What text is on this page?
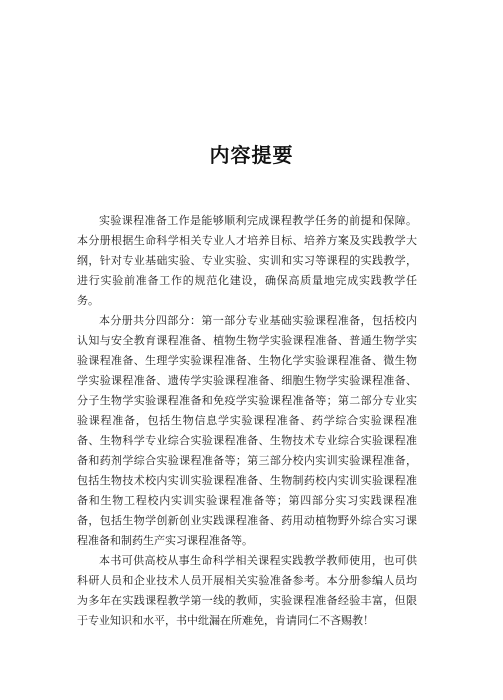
内容提要

实验课程准备工作是能够顺利完成课程教学任务的前提和保障。本分册根据生命科学相关专业人才培养目标、培养方案及实践教学大纲，针对专业基础实验、专业实验、实训和实习等课程的实践教学，进行实验前准备工作的规范化建设，确保高质量地完成实践教学任务。

本分册共分四部分：第一部分专业基础实验课程准备，包括校内认知与安全教育课程准备、植物生物学实验课程准备、普通生物学实验课程准备、生理学实验课程准备、生物化学实验课程准备、微生物学实验课程准备、遗传学实验课程准备、细胞生物学实验课程准备、分子生物学实验课程准备和免疫学实验课程准备等；第二部分专业实验课程准备，包括生物信息学实验课程准备、药学综合实验课程准备、生物科学专业综合实验课程准备、生物技术专业综合实验课程准备和药剂学综合实验课程准备等；第三部分校内实训实验课程准备，包括生物技术校内实训实验课程准备、生物制药校内实训实验课程准备和生物工程校内实训实验课程准备等；第四部分实习实践课程准备，包括生物学创新创业实践课程准备、药用动植物野外综合实习课程准备和制药生产实习课程准备等。

本书可供高校从事生命科学相关课程实践教学教师使用，也可供科研人员和企业技术人员开展相关实验准备参考。本分册参编人员均为多年在实践课程教学第一线的教师，实验课程准备经验丰富，但限于专业知识和水平，书中纰漏在所难免，肯请同仁不吝赐教！
